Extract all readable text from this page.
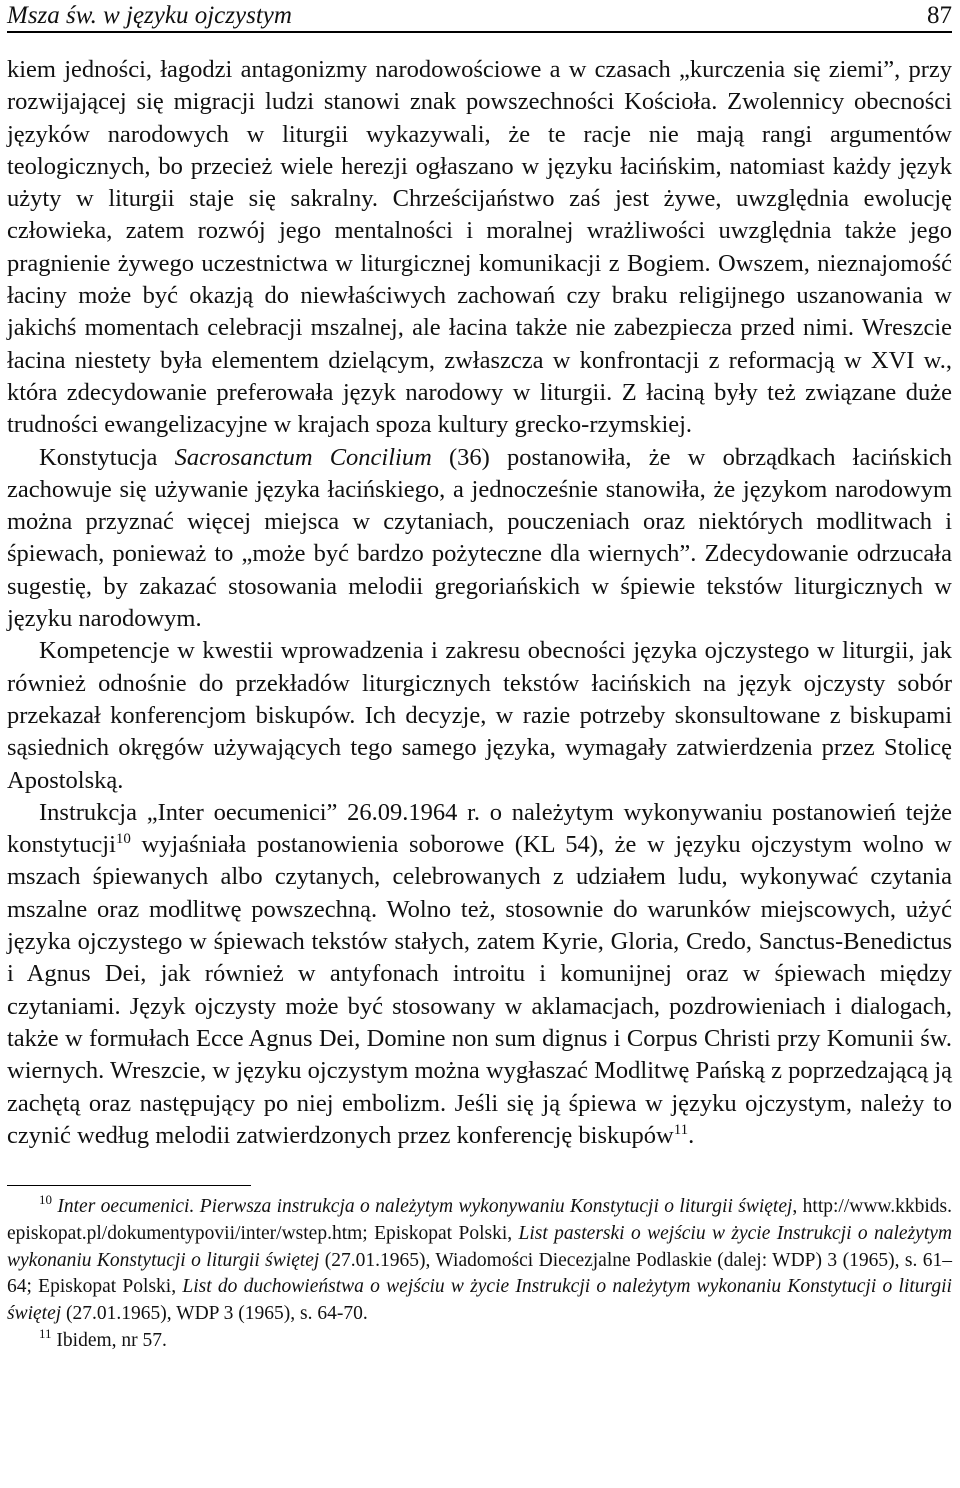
Msza św. w języku ojczystym	87

kiem jedności, łagodzi antagonizmy narodowościowe a w czasach „kurczenia się ziemi”, przy rozwijającej się migracji ludzi stanowi znak powszechności Kościoła. Zwolennicy obecności języków narodowych w liturgii wykazywali, że te racje nie mają rangi argumentów teologicznych, bo przecież wiele herezji ogłaszano w języku łacińskim, natomiast każdy język użyty w liturgii staje się sakralny. Chrześcijaństwo zaś jest żywe, uwzględnia ewolucję człowieka, zatem rozwój jego mentalności i moralnej wrażliwości uwzględnia także jego pragnienie żywego uczestnictwa w liturgicznej komunikacji z Bogiem. Owszem, nieznajomość łaciny może być okazją do niewłaściwych zachowań czy braku religijnego uszanowania w jakichś momentach celebracji mszalnej, ale łacina także nie zabezpiecza przed nimi. Wreszcie łacina niestety była elementem dzielącym, zwłaszcza w konfrontacji z reformacją w XVI w., która zdecydowanie preferowała język narodowy w liturgii. Z łaciną były też związane duże trudności ewangelizacyjne w krajach spoza kultury grecko-rzymskiej.

Konstytucja Sacrosanctum Concilium (36) postanowiła, że w obrządkach łacińskich zachowuje się używanie języka łacińskiego, a jednocześnie stanowiła, że językom narodowym można przyznać więcej miejsca w czytaniach, pouczeniach oraz niektórych modlitwach i śpiewach, ponieważ to „może być bardzo pożyteczne dla wiernych”. Zdecydowanie odrzucała sugestię, by zakazać stosowania melodii gregoriańskich w śpiewie tekstów liturgicznych w języku narodowym.

Kompetencje w kwestii wprowadzenia i zakresu obecności języka ojczystego w liturgii, jak również odnośnie do przekładów liturgicznych tekstów łacińskich na język ojczysty sobór przekazał konferencjom biskupów. Ich decyzje, w razie potrzeby skonsultowane z biskupami sąsiednich okręgów używających tego samego języka, wymagały zatwierdzenia przez Stolicę Apostolską.

Instrukcja „Inter oecumenici” 26.09.1964 r. o należytym wykonywaniu postanowień tejże konstytucji$^{10}$ wyjaśniała postanowienia soborowe (KL 54), że w języku ojczystym wolno w mszach śpiewanych albo czytanych, celebrowanych z udziałem ludu, wykonywać czytania mszalne oraz modlitwę powszechną. Wolno też, stosownie do warunków miejscowych, użyć języka ojczystego w śpiewach tekstów stałych, zatem Kyrie, Gloria, Credo, Sanctus-Benedictus i Agnus Dei, jak również w antyfonach introitu i komunijnej oraz w śpiewach między czytaniami. Język ojczysty może być stosowany w aklamacjach, pozdrowieniach i dialogach, także w formułach Ecce Agnus Dei, Domine non sum dignus i Corpus Christi przy Komunii św. wiernych. Wreszcie, w języku ojczystym można wygłaszać Modlitwę Pańską z poprzedzającą ją zachętą oraz następujący po niej embolizm. Jeśli się ją śpiewa w języku ojczystym, należy to czynić według melodii zatwierdzonych przez konferencję biskupów$^{11}$.

$^{10}$ Inter oecumenici. Pierwsza instrukcja o należytym wykonywaniu Konstytucji o liturgii świętej, http://www.kkbids. episkopat.pl/dokumentypovii/inter/wstep.htm; Episkopat Polski, List pasterski o wejściu w życie Instrukcji o należytym wykonaniu Konstytucji o liturgii świętej (27.01.1965), Wiadomości Diecezjalne Podlaskie (dalej: WDP) 3 (1965), s. 61–64; Episkopat Polski, List do duchowieństwa o wejściu w życie Instrukcji o należytym wykonaniu Konstytucji o liturgii świętej (27.01.1965), WDP 3 (1965), s. 64-70.

$^{11}$ Ibidem, nr 57.
